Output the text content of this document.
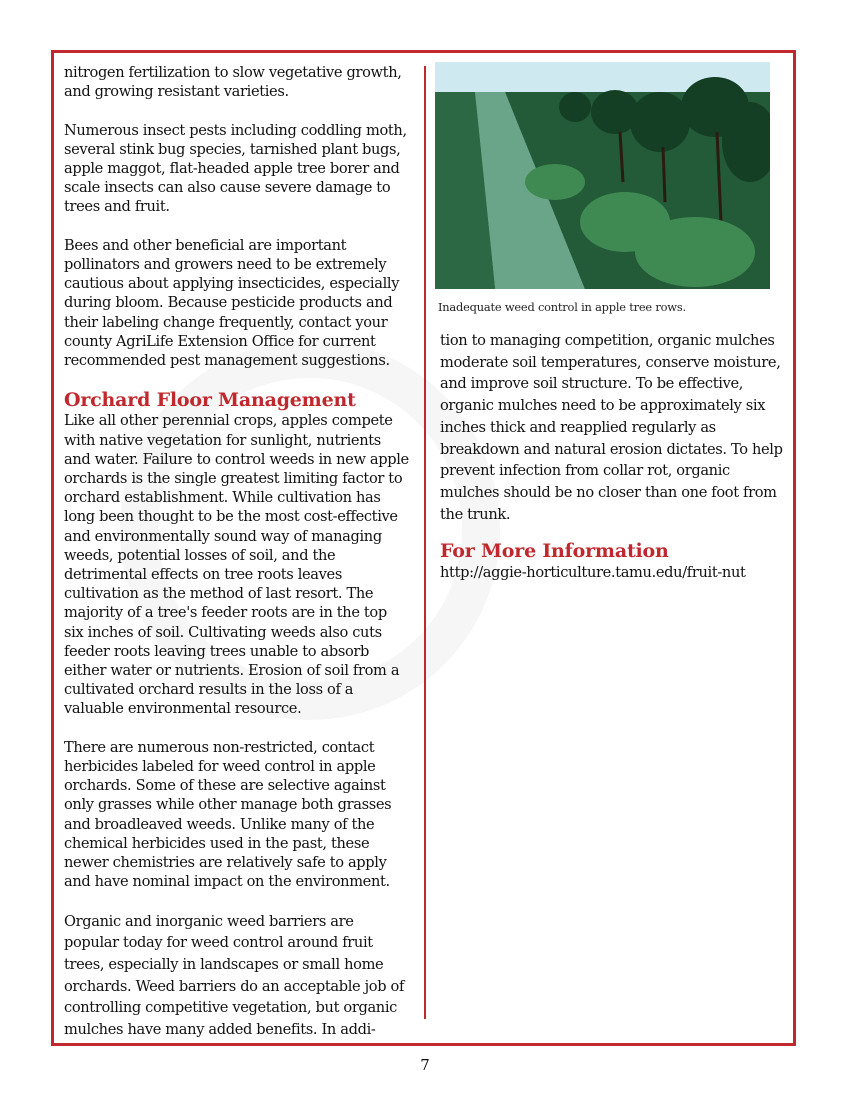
nitrogen fertilization to slow vegetative growth, and growing resistant varieties.

Numerous insect pests including coddling moth, several stink bug species, tarnished plant bugs, apple maggot, flat-headed apple tree borer and scale insects can also cause severe damage to trees and fruit.

Bees and other beneficial are important pollinators and growers need to be extremely cautious about applying insecticides, especially during bloom. Because pesticide products and their labeling change frequently, contact your county AgriLife Extension Office for current recommended pest management suggestions.

Orchard Floor Management

Like all other perennial crops, apples compete with native vegetation for sunlight, nutrients and water. Failure to control weeds in new apple orchards is the single greatest limiting factor to orchard establishment. While cultivation has long been thought to be the most cost-effective and environmentally sound way of managing weeds, potential losses of soil, and the detrimental effects on tree roots leaves cultivation as the method of last resort. The majority of a tree's feeder roots are in the top six inches of soil. Cultivating weeds also cuts feeder roots leaving trees unable to absorb either water or nutrients. Erosion of soil from a cultivated orchard results in the loss of a valuable environmental resource.

There are numerous non-restricted, contact herbicides labeled for weed control in apple orchards. Some of these are selective against only grasses while other manage both grasses and broadleaved weeds. Unlike many of the chemical herbicides used in the past, these newer chemistries are relatively safe to apply and have nominal impact on the environment.

Organic and inorganic weed barriers are popular today for weed control around fruit trees, especially in landscapes or small home orchards. Weed barriers do an acceptable job of controlling competitive vegetation, but organic mulches have many added benefits. In addi-

Inadequate weed control in apple tree rows.

tion to managing competition, organic mulches moderate soil temperatures, conserve moisture, and improve soil structure. To be effective, organic mulches need to be approximately six inches thick and reapplied regularly as breakdown and natural erosion dictates. To help prevent infection from collar rot, organic mulches should be no closer than one foot from the trunk.

For More Information
http://aggie-horticulture.tamu.edu/fruit-nut
7
